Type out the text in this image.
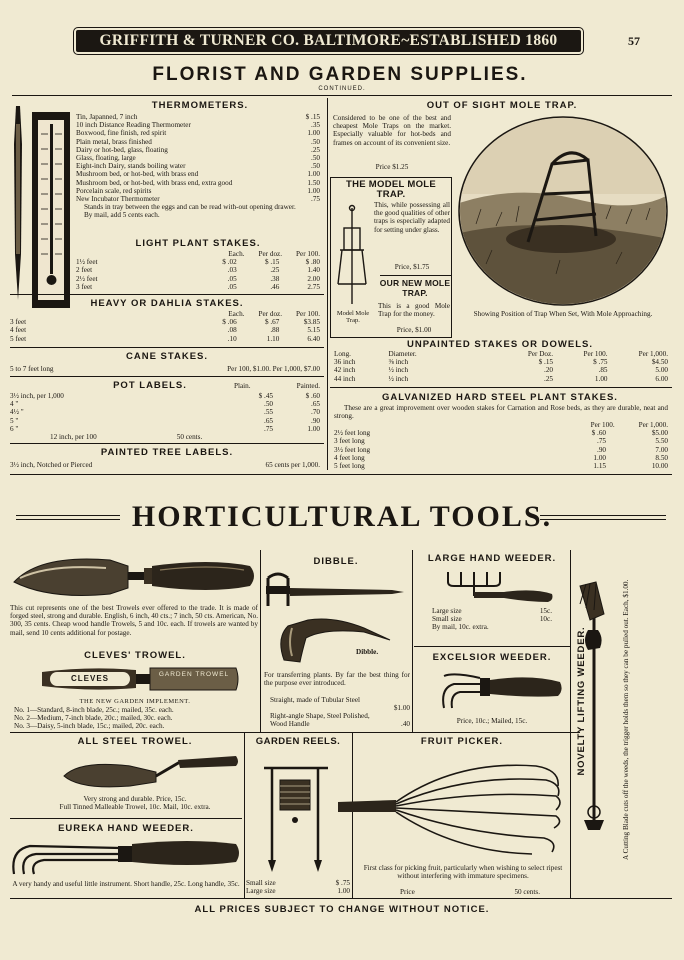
GRIFFITH & TURNER CO. BALTIMORE~ESTABLISHED 1860	57
FLORIST AND GARDEN SUPPLIES.
CONTINUED.
THERMOMETERS.
Tin, Japanned, 7 inch	$ .15
10 inch Distance Reading Thermometer	.35
Boxwood, fine finish, red spirit	1.00
Plain metal, brass finished	.50
Dairy or hot-bed, glass, floating	.25
Glass, floating, large	.50
Eight-inch Dairy, stands boiling water	.50
Mushroom bed, or hot-bed, with brass end	1.00
Mushroom bed, or hot-bed, with brass end, extra good	1.50
Porcelain scale, red spirits	1.00
New Incubator Thermometer	.75
Stands in tray between the eggs and can be read with-out opening drawer.
By mail, add 5 cents each.
LIGHT PLANT STAKES.
Each. Per doz. Per 100.
1½ feet	$ .02	$ .15	$ .80
2 feet	.03	.25	1.40
2½ feet	.05	.38	2.00
3 feet	.05	.46	2.75
HEAVY OR DAHLIA STAKES.
Each. Per doz. Per 100.
3 feet	$ .06	$ .67	$3.85
4 feet	.08	.88	5.15
5 feet	.10	1.10	6.40
CANE STAKES.
5 to 7 feet long	Per 100, $1.00. Per 1,000, $7.00
POT LABELS.	Plain.	Painted.
3½ inch, per 1,000	$ .45	$ .60
4 "	.50	.65
4½ "	.55	.70
5 "	.65	.90
6 "	.75	1.00
12 inch, per 100	50 cents.
PAINTED TREE LABELS.
3½ inch, Notched or Pierced	65 cents per 1,000.
OUT OF SIGHT MOLE TRAP.
Considered to be one of the best and cheapest Mole Traps on the market. Especially valuable for hot-beds and frames on account of its convenient size.
Price $1.25
Showing Position of Trap When Set, With Mole Approaching.
THE MODEL MOLE TRAP.
Model Mole Trap.
This, while possessing all the good qualities of other traps is especially adapted for setting under glass.
Price, $1.75
OUR NEW MOLE TRAP.
This is a good Mole Trap for the money.
Price, $1.00
UNPAINTED STAKES OR DOWELS.
Long.	Diameter.	Per Doz.	Per 100.	Per 1,000.
36 inch	⅜ inch	$ .15	$ .75	$4.50
42 inch	½ inch	.20	.85	5.00
44 inch	½ inch	.25	1.00	6.00
GALVANIZED HARD STEEL PLANT STAKES.
These are a great improvement over wooden stakes for Carnation and Rose beds, as they are durable, neat and strong.
Per 100.	Per 1,000.
2½ feet long	$ .60	$5.00
3 feet long	.75	5.50
3½ feet long	.90	7.00
4 feet long	1.00	8.50
5 feet long	1.15	10.00
HORTICULTURAL TOOLS.
This cut represents one of the best Trowels ever offered to the trade. It is made of forged steel, strong and durable. English, 6 inch, 40 cts.; 7 inch, 50 cts. American, No. 300, 35 cents. Cheap wood handle Trowels, 5 and 10c. each. If trowels are wanted by mail, send 10 cents additional for postage.
CLEVES' TROWEL.
CLEVES	GARDEN TROWEL
THE NEW GARDEN IMPLEMENT.
No. 1—Standard, 8-inch blade, 25c.; mailed, 35c. each.
No. 2—Medium, 7-inch blade, 20c.; mailed, 30c. each.
No. 3—Daisy, 5-inch blade, 15c.; mailed, 20c. each.
ALL STEEL TROWEL.
Very strong and durable. Price, 15c.
Full Tinned Malleable Trowel, 10c. Mail, 10c. extra.
EUREKA HAND WEEDER.
A very handy and useful little instrument. Short handle, 25c. Long handle, 35c.
DIBBLE.
Dibble.
For transferring plants. By far the best thing for the purpose ever introduced.
Straight, made of Tubular Steel
$1.00
Right-angle Shape, Steel Polished, Wood Handle	.40
LARGE HAND WEEDER.
Large size	15c.
Small size	10c.
By mail, 10c. extra.
EXCELSIOR WEEDER.
Price, 10c.; Mailed, 15c.	NOVELTY LIFTING WEEDER.	A Cutting Blade cuts off the weeds, the trigger holds them so they can be pulled out. Each, $1.00.
GARDEN REELS.
Small size	$ .75
Large size	1.00
FRUIT PICKER.
First class for picking fruit, particularly when wishing to select ripest without interfering with immature specimens.
Price	50 cents.
ALL PRICES SUBJECT TO CHANGE WITHOUT NOTICE.
